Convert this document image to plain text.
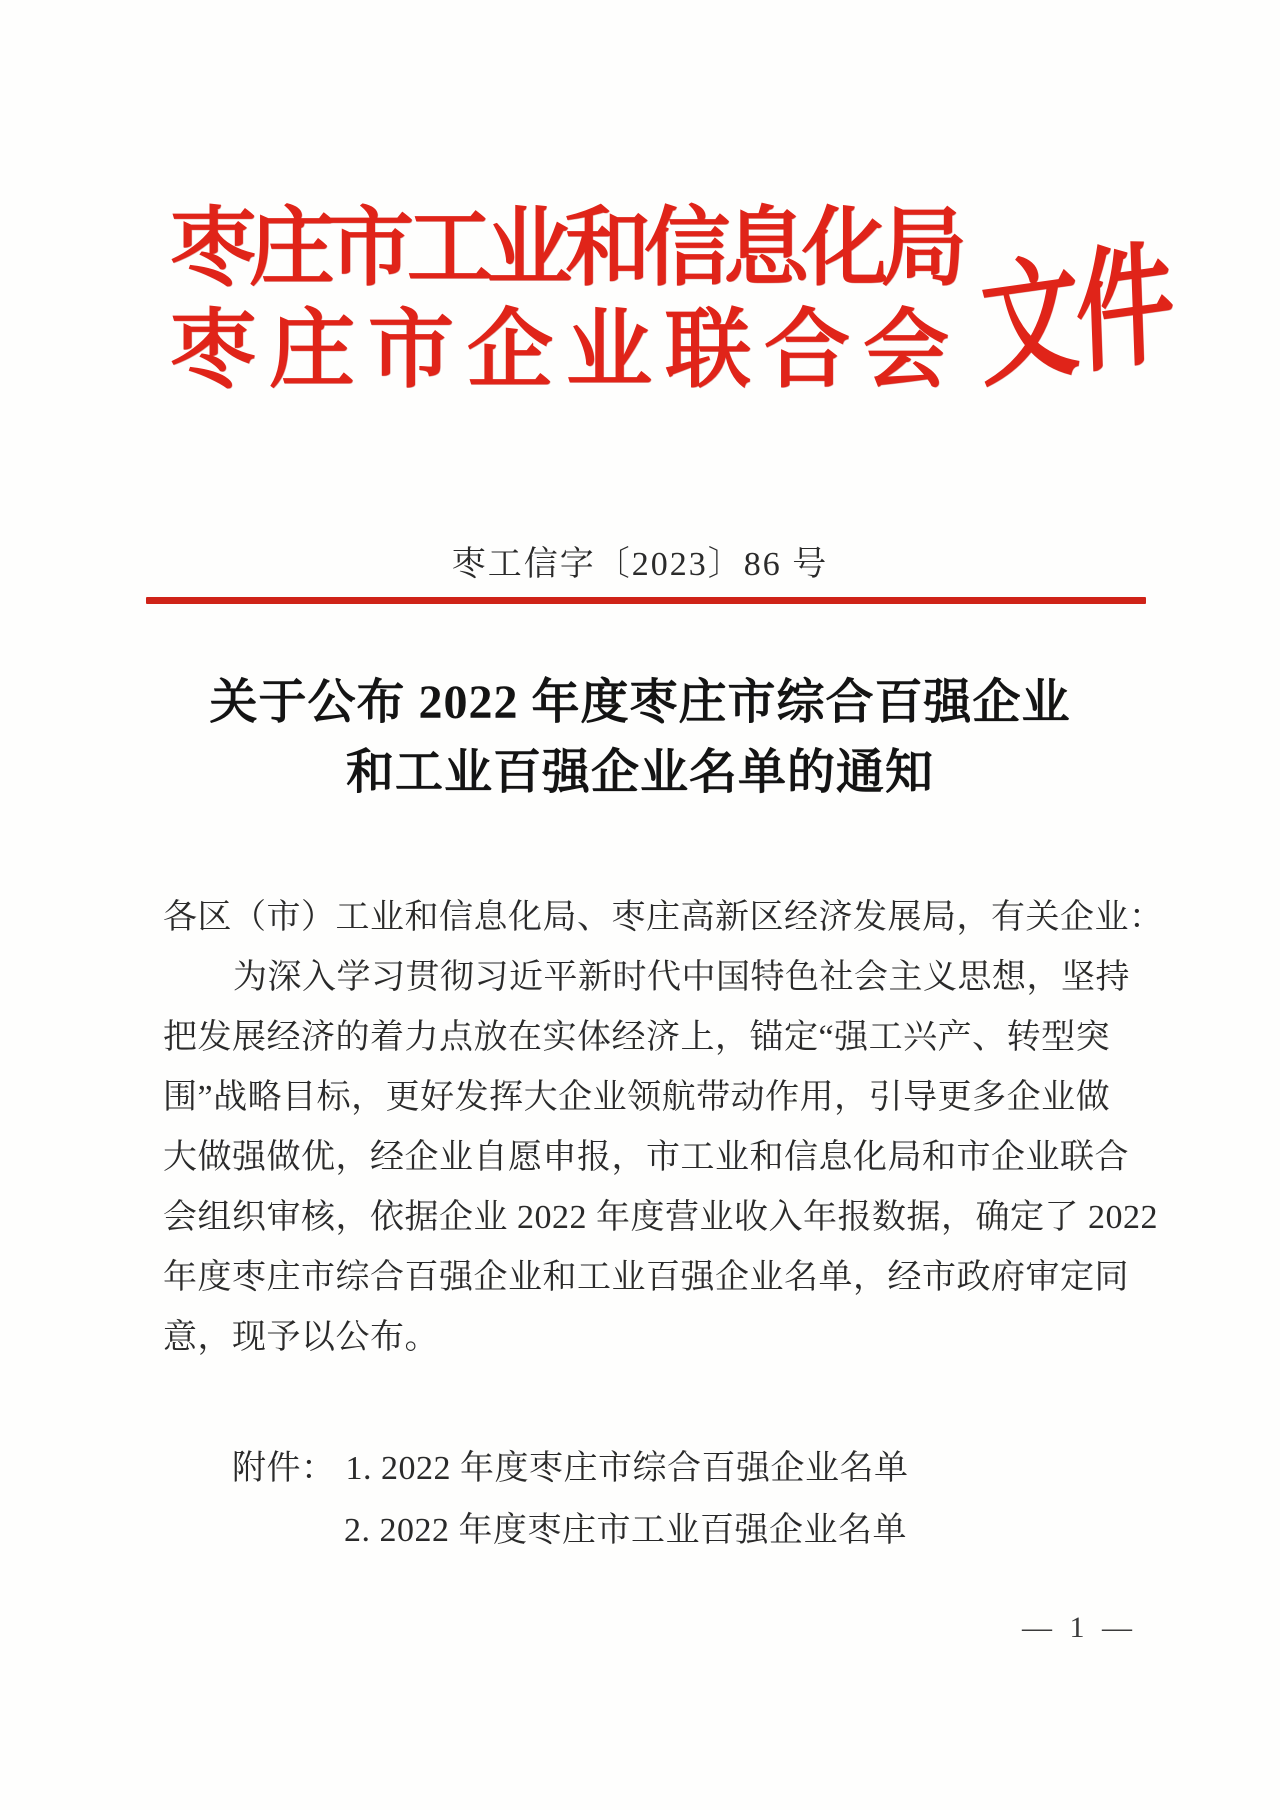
枣庄市工业和信息化局
枣庄市企业联合会 文件
枣工信字〔2023〕86 号
关于公布 2022 年度枣庄市综合百强企业
和工业百强企业名单的通知
各区（市）工业和信息化局、枣庄高新区经济发展局，有关企业：
为深入学习贯彻习近平新时代中国特色社会主义思想，坚持
把发展经济的着力点放在实体经济上，锚定“强工兴产、转型突
围”战略目标，更好发挥大企业领航带动作用，引导更多企业做
大做强做优，经企业自愿申报，市工业和信息化局和市企业联合
会组织审核，依据企业 2022 年度营业收入年报数据，确定了 2022
年度枣庄市综合百强企业和工业百强企业名单，经市政府审定同
意，现予以公布。
附件： 1. 2022 年度枣庄市综合百强企业名单
2. 2022 年度枣庄市工业百强企业名单
— 1 —
